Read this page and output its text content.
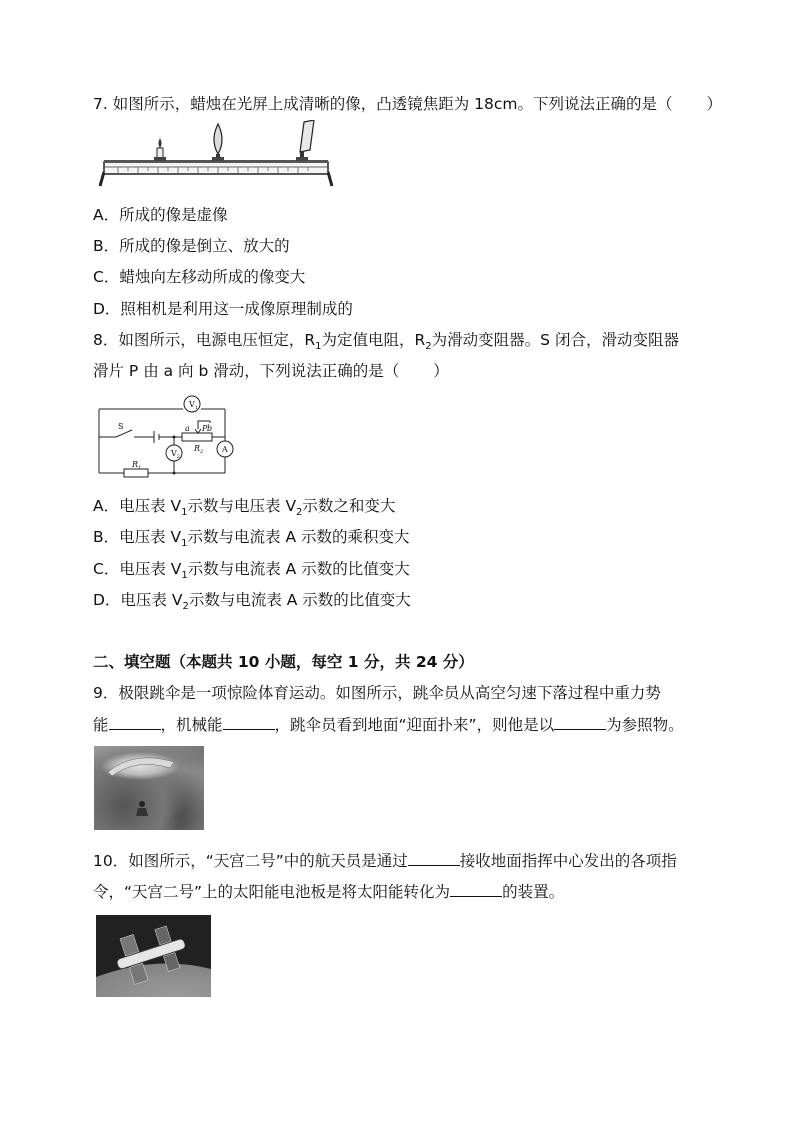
7. 如图所示，蜡烛在光屏上成清晰的像，凸透镜焦距为 18cm。下列说法正确的是（ ）
A．所成的像是虚像
B．所成的像是倒立、放大的
C．蜡烛向左移动所成的像变大
D．照相机是利用这一成像原理制成的
8．如图所示，电源电压恒定，$R_1$为定值电阻，$R_2$为滑动变阻器。S 闭合，滑动变阻器
滑片 P 由 a 向 b 滑动，下列说法正确的是（ ）
$V_1$
$V_2$
A
S	a P b
$R_1$
$R_2$
A．电压表 $V_1$示数与电压表 $V_2$示数之和变大
B．电压表 $V_1$示数与电流表 A 示数的乘积变大
C．电压表 $V_1$示数与电流表 A 示数的比值变大
D．电压表 $V_2$示数与电流表 A 示数的比值变大
二、填空题（本题共 10 小题，每空 1 分，共 24 分）
9．极限跳伞是一项惊险体育运动。如图所示，跳伞员从高空匀速下落过程中重力势
能	，机械能	，跳伞员看到地面“迎面扑来”，则他是以	为参照物。
10．如图所示，“天宫二号”中的航天员是通过	接收地面指挥中心发出的各项指
令，“天宫二号”上的太阳能电池板是将太阳能转化为	的装置。
